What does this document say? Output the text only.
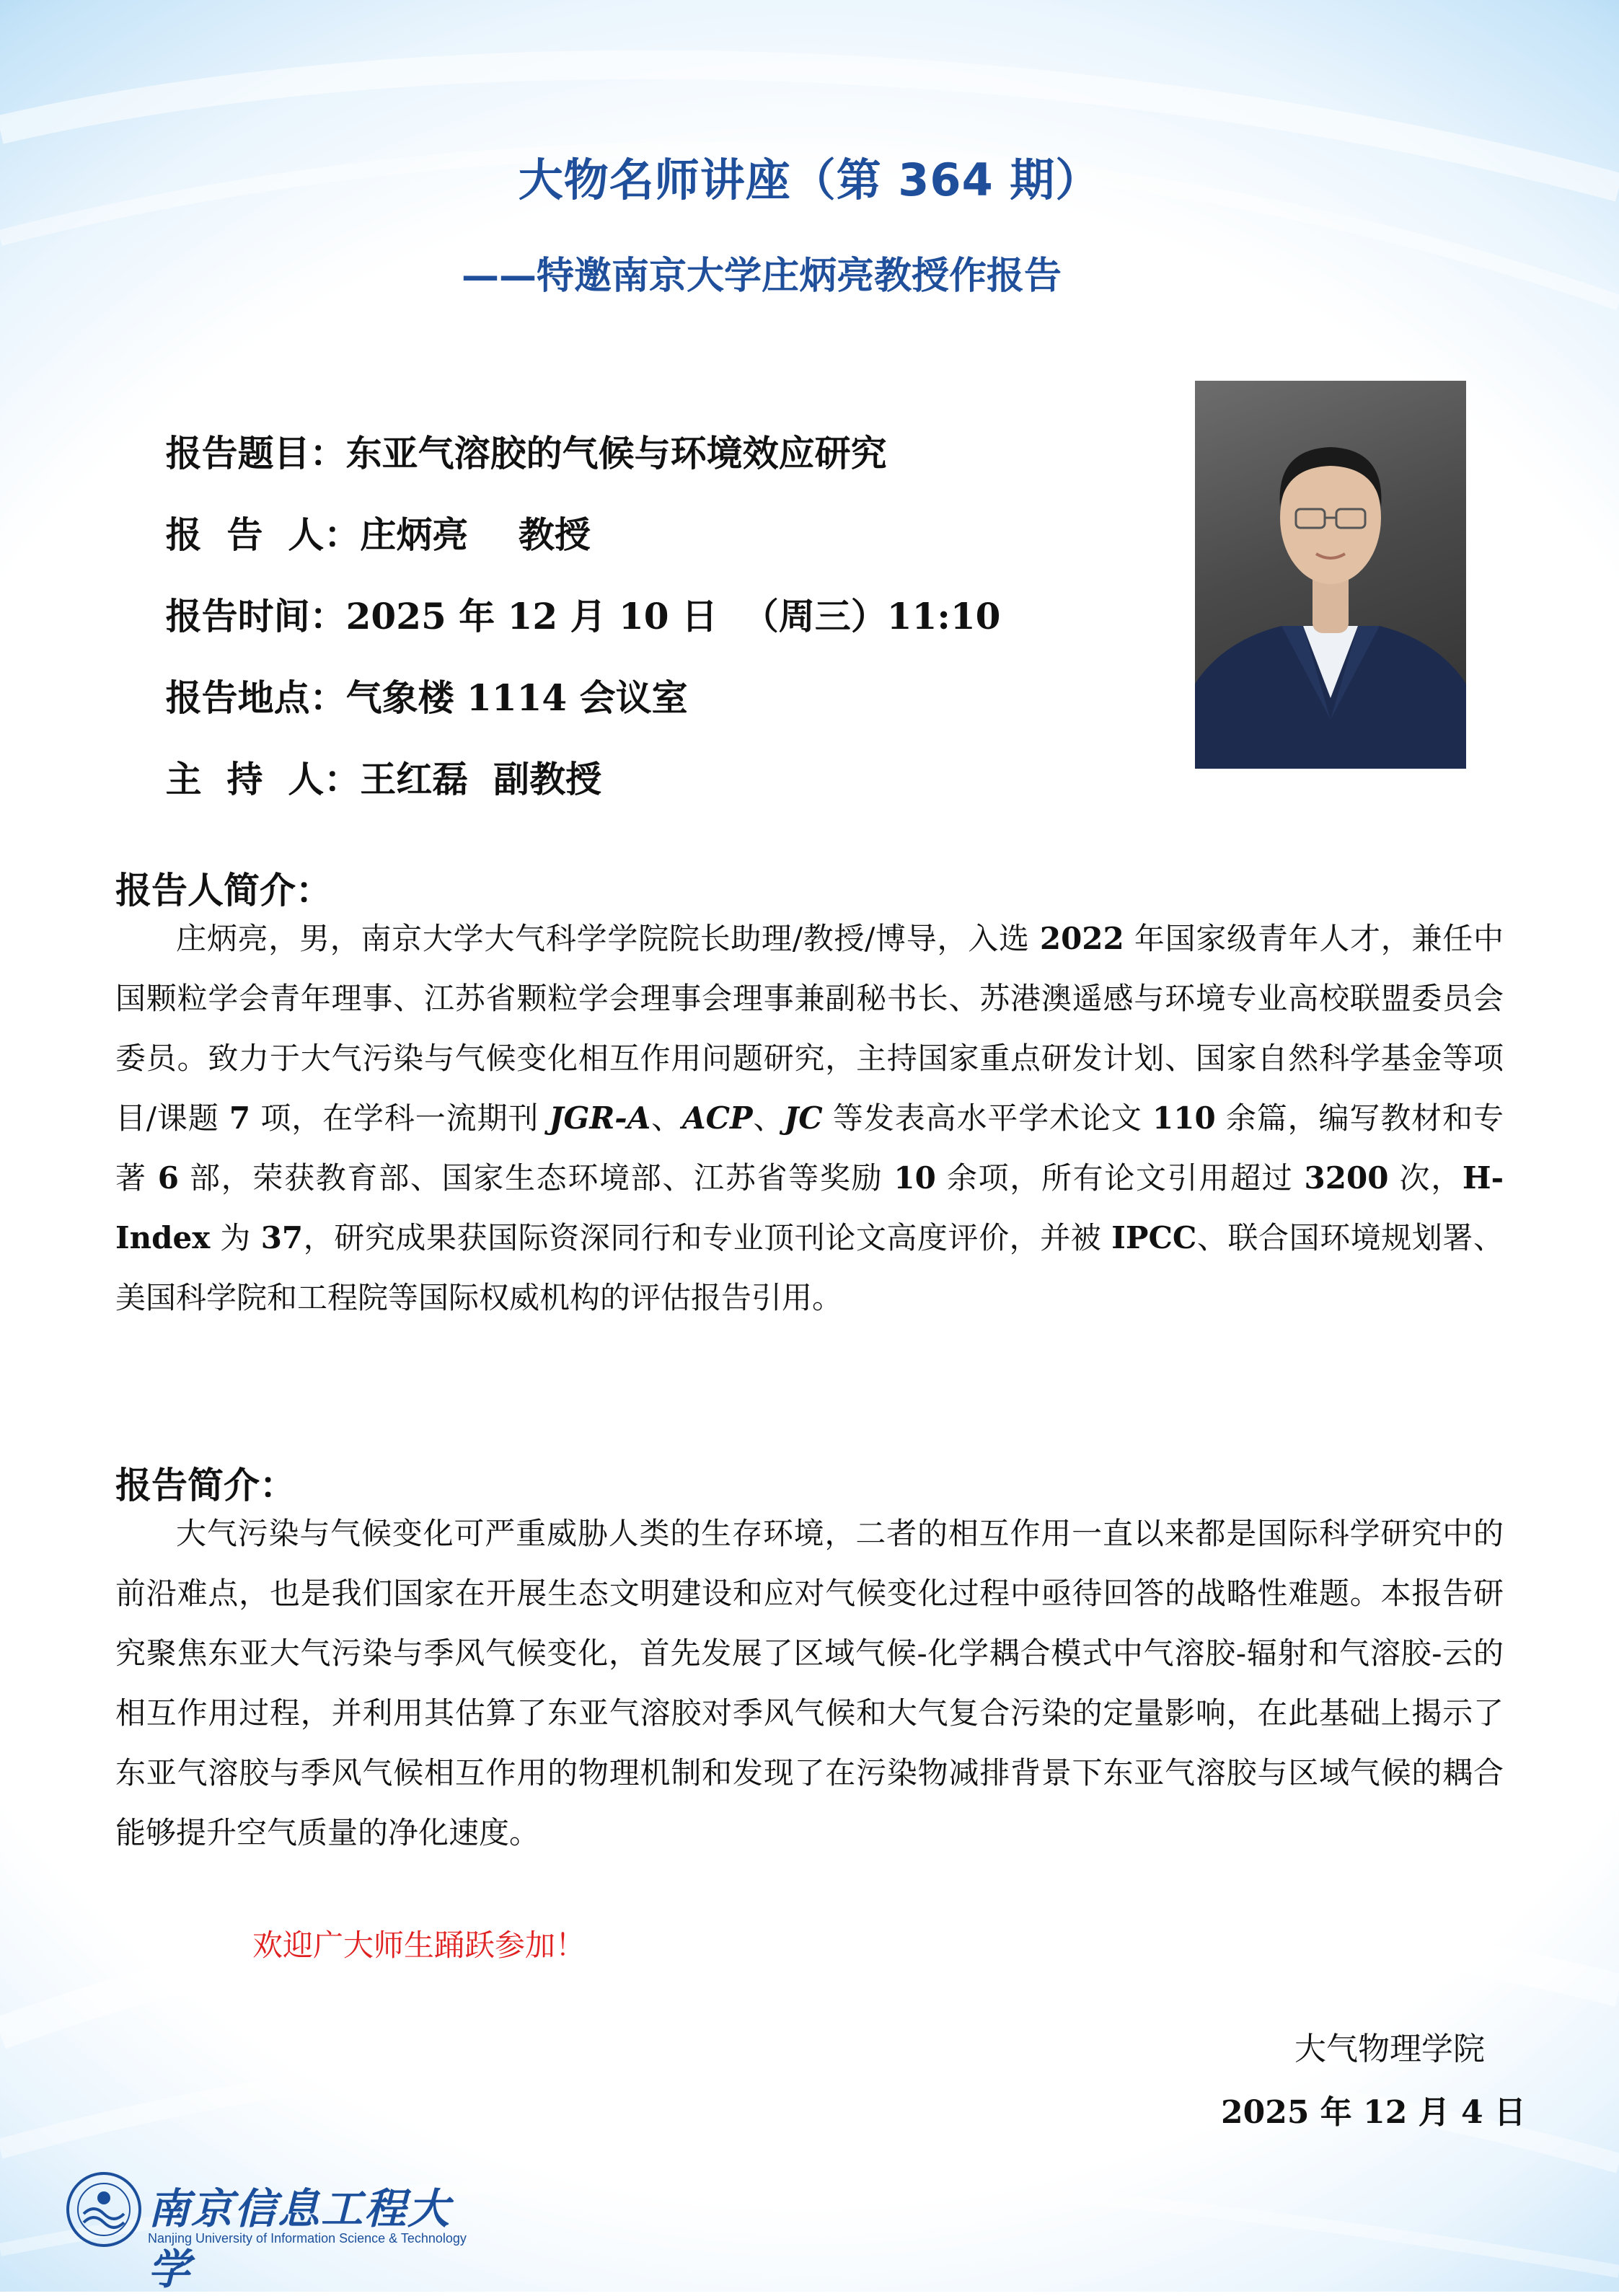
大物名师讲座（第 364 期）
——特邀南京大学庄炳亮教授作报告

报告题目：东亚气溶胶的气候与环境效应研究

报  告  人：庄炳亮    教授

报告时间：2025 年 12 月 10 日  （周三）11:10

报告地点：气象楼 1114 会议室

主  持  人：王红磊  副教授

报告人简介：
庄炳亮，男，南京大学大气科学学院院长助理/教授/博导，入选 2022 年国家级青年人才，兼任中国颗粒学会青年理事、江苏省颗粒学会理事会理事兼副秘书长、苏港澳遥感与环境专业高校联盟委员会委员。致力于大气污染与气候变化相互作用问题研究，主持国家重点研发计划、国家自然科学基金等项目/课题 7 项，在学科一流期刊 JGR-A、ACP、JC 等发表高水平学术论文 110 余篇，编写教材和专著 6 部，荣获教育部、国家生态环境部、江苏省等奖励 10 余项，所有论文引用超过 3200 次，H-Index 为 37，研究成果获国际资深同行和专业顶刊论文高度评价，并被 IPCC、联合国环境规划署、美国科学院和工程院等国际权威机构的评估报告引用。
报告简介：
大气污染与气候变化可严重威胁人类的生存环境，二者的相互作用一直以来都是国际科学研究中的前沿难点，也是我们国家在开展生态文明建设和应对气候变化过程中亟待回答的战略性难题。本报告研究聚焦东亚大气污染与季风气候变化，首先发展了区域气候-化学耦合模式中气溶胶-辐射和气溶胶-云的相互作用过程，并利用其估算了东亚气溶胶对季风气候和大气复合污染的定量影响，在此基础上揭示了东亚气溶胶与季风气候相互作用的物理机制和发现了在污染物减排背景下东亚气溶胶与区域气候的耦合能够提升空气质量的净化速度。
欢迎广大师生踊跃参加！
大气物理学院
2025 年 12 月 4 日
南京信息工程大学
Nanjing University of Information Science & Technology
